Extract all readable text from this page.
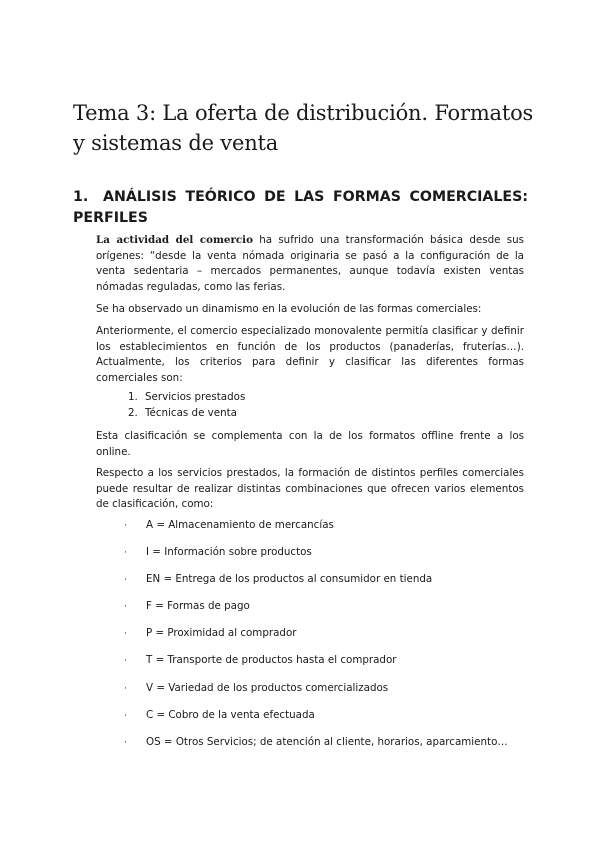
Tema 3: La oferta de distribución. Formatos y sistemas de venta
1. ANÁLISIS TEÓRICO DE LAS FORMAS COMERCIALES: PERFILES

La actividad del comercio ha sufrido una transformación básica desde sus orígenes: “desde la venta nómada originaria se pasó a la configuración de la venta sedentaria – mercados permanentes, aunque todavía existen ventas nómadas reguladas, como las ferias.

Se ha observado un dinamismo en la evolución de las formas comerciales:

Anteriormente, el comercio especializado monovalente permitía clasificar y definir los establecimientos en función de los productos (panaderías, fruterías…). Actualmente, los criterios para definir y clasificar las diferentes formas comerciales son:

1. Servicios prestados
2. Técnicas de venta

Esta clasificación se complementa con la de los formatos offline frente a los online.

Respecto a los servicios prestados, la formación de distintos perfiles comerciales puede resultar de realizar distintas combinaciones que ofrecen varios elementos de clasificación, como:

· A = Almacenamiento de mercancías
· I = Información sobre productos
· EN = Entrega de los productos al consumidor en tienda
· F = Formas de pago
· P = Proximidad al comprador
· T = Transporte de productos hasta el comprador
· V = Variedad de los productos comercializados
· C = Cobro de la venta efectuada
· OS = Otros Servicios; de atención al cliente, horarios, aparcamiento…
